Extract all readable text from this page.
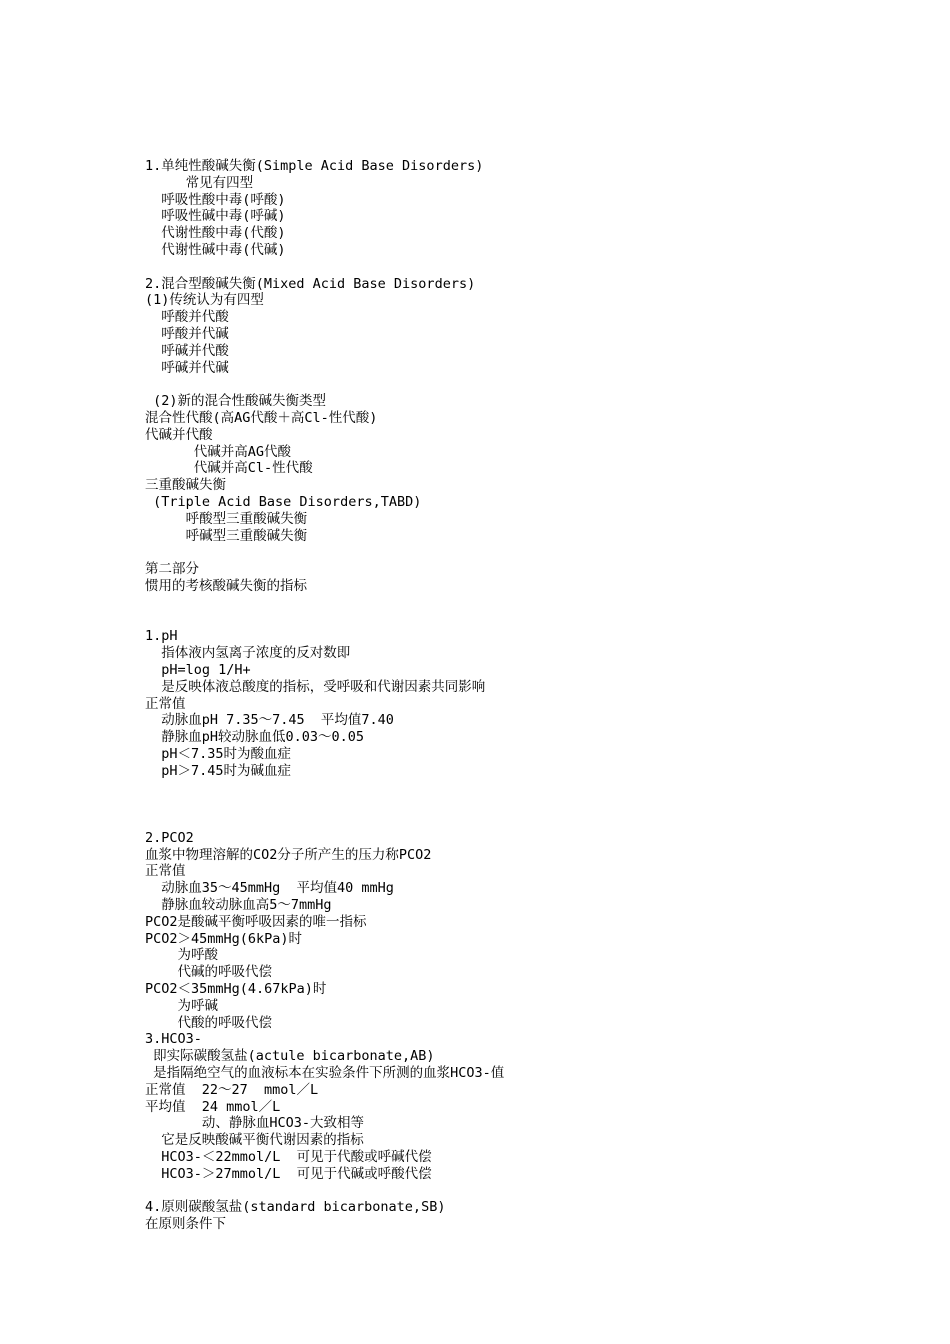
1.单纯性酸碱失衡(Simple Acid Base Disorders)
常见有四型
呼吸性酸中毒(呼酸)
呼吸性碱中毒(呼碱)
代谢性酸中毒(代酸)
代谢性碱中毒(代碱)
2.混合型酸碱失衡(Mixed Acid Base Disorders)
(1)传统认为有四型
呼酸并代酸
呼酸并代碱
呼碱并代酸
呼碱并代碱
(2)新的混合性酸碱失衡类型
混合性代酸(高AG代酸＋高Cl-性代酸)
代碱并代酸
代碱并高AG代酸
代碱并高Cl-性代酸
三重酸碱失衡
(Triple Acid Base Disorders,TABD)
呼酸型三重酸碱失衡
呼碱型三重酸碱失衡
第二部分
惯用的考核酸碱失衡的指标
1.pH
指体液内氢离子浓度的反对数即
pH=log 1/H+
是反映体液总酸度的指标，受呼吸和代谢因素共同影响
正常值
动脉血pH 7.35～7.45  平均值7.40
静脉血pH较动脉血低0.03～0.05
pH＜7.35时为酸血症
pH＞7.45时为碱血症
2.PCO2
血浆中物理溶解的CO2分子所产生的压力称PCO2
正常值
动脉血35～45mmHg  平均值40 mmHg
静脉血较动脉血高5～7mmHg
PCO2是酸碱平衡呼吸因素的唯一指标
PCO2＞45mmHg(6kPa)时
为呼酸
代碱的呼吸代偿
PCO2＜35mmHg(4.67kPa)时
为呼碱
代酸的呼吸代偿
3.HCO3-
即实际碳酸氢盐(actule bicarbonate,AB)
是指隔绝空气的血液标本在实验条件下所测的血浆HCO3-值
正常值  22～27  mmol／L
平均值  24 mmol／L
动、静脉血HCO3-大致相等
它是反映酸碱平衡代谢因素的指标
HCO3-＜22mmol/L  可见于代酸或呼碱代偿
HCO3-＞27mmol/L  可见于代碱或呼酸代偿
4.原则碳酸氢盐(standard bicarbonate,SB)
在原则条件下
